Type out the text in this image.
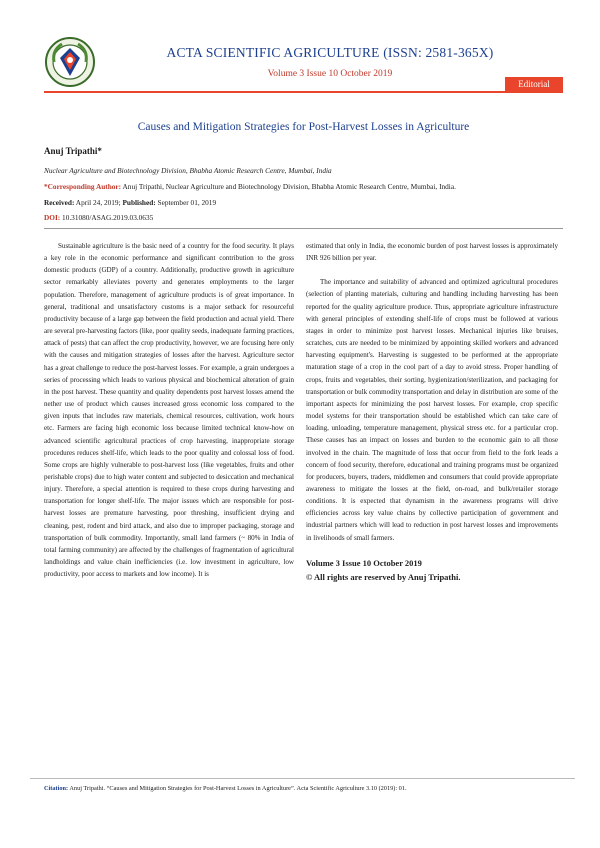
ACTA SCIENTIFIC AGRICULTURE (ISSN: 2581-365X)
Volume 3 Issue 10 October 2019
Editorial
Causes and Mitigation Strategies for Post-Harvest Losses in Agriculture
Anuj Tripathi*
Nuclear Agriculture and Biotechnology Division, Bhabha Atomic Research Centre, Mumbai, India
*Corresponding Author: Anuj Tripathi, Nuclear Agriculture and Biotechnology Division, Bhabha Atomic Research Centre, Mumbai, India.
Received: April 24, 2019; Published: September 01, 2019
DOI: 10.31080/ASAG.2019.03.0635

Sustainable agriculture is the basic need of a country for the food security. It plays a key role in the economic performance and significant contribution to the gross domestic products (GDP) of a country. Additionally, productive growth in agriculture sector remarkably alleviates poverty and generates employments to the larger population. Therefore, management of agriculture products is of great importance. In general, traditional and unsatisfactory customs is a major setback for resourceful productivity because of a large gap between the field production and actual yield. There are several pre-harvesting factors (like, poor quality seeds, inadequate farming practices, attack of pests) that can affect the crop productivity, however, we are focusing here only with the causes and mitigation strategies of losses after the harvest. Agriculture sector has a great challenge to reduce the post-harvest losses. For example, a grain undergoes a series of processing which leads to various physical and biochemical alteration of grain in the post harvest. These quantity and quality dependents post harvest losses amend the nether use of product which causes increased gross economic loss compared to the given inputs that includes raw materials, chemical resources, cultivation, work hours etc. Farmers are facing high economic loss because limited technical know-how on advanced scientific agricultural practices of crop harvesting, inappropriate storage procedures reduces shelf-life, which leads to the poor quality and colossal loss of food. Some crops are highly vulnerable to post-harvest loss (like vegetables, fruits and other perishable crops) due to high water content and subjected to desiccation and mechanical injury. Therefore, a special attention is required to these crops during harvesting and transportation for longer shelf-life. The major issues which are responsible for post-harvest losses are premature harvesting, poor threshing, insufficient drying and cleaning, pest, rodent and bird attack, and also due to improper packaging, storage and transportation of bulk commodity. Importantly, small land farmers (~ 80% in India of total farming community) are affected by the challenges of fragmentation of agricultural landholdings and value chain inefficiencies (i.e. low investment in agriculture, low productivity, poor access to markets and low income). It is

estimated that only in India, the economic burden of post harvest losses is approximately INR 926 billion per year.

The importance and suitability of advanced and optimized agricultural procedures (selection of planting materials, culturing and handling including harvesting has been reported for the quality agriculture produce. Thus, appropriate agriculture infrastructure with general principles of extending shelf-life of crops must be followed at various stages in order to minimize post harvest losses. Mechanical injuries like bruises, scratches, cuts are needed to be minimized by appointing skilled workers and advanced harvesting equipment's. Harvesting is suggested to be performed at the appropriate maturation stage of a crop in the cool part of a day to avoid stress. Proper handling of crops, fruits and vegetables, their sorting, hygienization/sterilization, and packaging for transportation or bulk commodity transportation and delay in distribution are some of the important aspects for minimizing the post harvest losses. For example, crop specific model systems for their transportation should be established which can take care of loading, unloading, temperature management, physical stress etc. for a particular crop. These causes has an impact on losses and burden to the economic gain to all those involved in the chain. The magnitude of loss that occur from field to the fork leads a concern of food security, therefore, educational and training programs must be organized for producers, buyers, traders, middlemen and consumers that could provide appropriate awareness to mitigate the losses at the field, on-road, and bulk/retailer storage conditions. It is expected that dynamism in the awareness programs will drive efficiencies across key value chains by collective participation of government and industrial partners which will lead to reduction in post harvest losses and improvements in livelihoods of small farmers.

Volume 3 Issue 10 October 2019
© All rights are reserved by Anuj Tripathi.

Citation: Anuj Tripathi. “Causes and Mitigation Strategies for Post-Harvest Losses in Agriculture”. Acta Scientific Agriculture 3.10 (2019): 01.
